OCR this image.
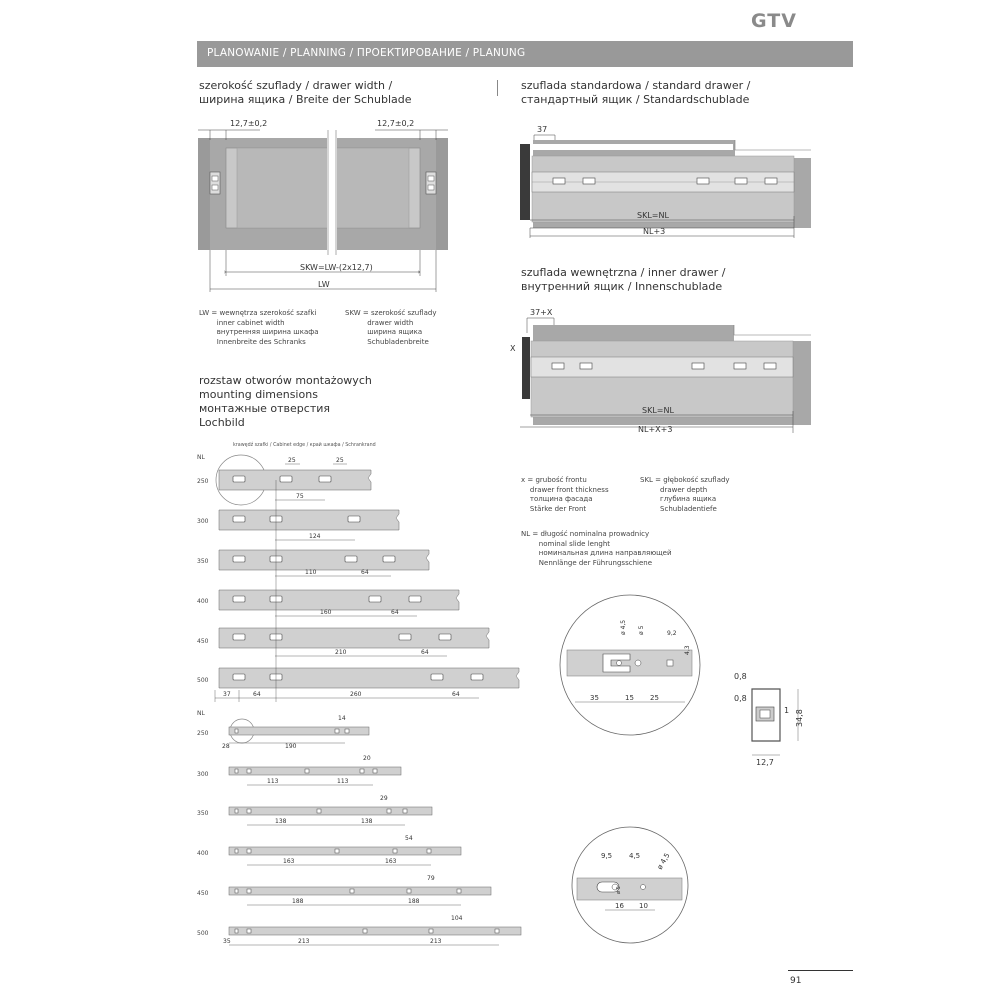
GTV
PLANOWANIE / PLANNING / ПРОЕКТИРОВАНИЕ / PLANUNG
szerokość szuflady / drawer width /
ширина ящика / Breite der Schublade
szuflada standardowa / standard drawer /
стандартный ящик / Standardschublade
szuflada wewnętrzna / inner drawer /
внутренний ящик / Innenschublade
LW = wewnętrza szerokość szafki
inner cabinet width
внутренняя ширина шкафа
Innenbreite des Schranks
SKW = szerokość szuflady
drawer width
ширина ящика
Schubladenbreite
x = grubość frontu
drawer front thickness
толщина фасада
Stärke der Front
SKL = głębokość szuflady
drawer depth
глубина ящика
Schubladentiefe
NL = długość nominalna prowadnicy
nominal slide lenght
номинальная длина направляющей
Nennlänge der Führungsschiene
rozstaw otworów montażowych
mounting dimensions
монтажные отверстия
Lochbild
12,7±0,2	12,7±0,2
SKW=LW-(2x12,7)
LW
37
SKL=NL
NL+3
37+X
X
SKL=NL
NL+X+3
krawędź szafki / Cabinet edge / край шкафа / Schrankrand
NL
250
25	25
75
300
124
350
110	64
400
160	64
450
210	64
500
37	64	260	64
NL
250
14
28	190
300
20
113	113
350
29
138	138
400
54
163	163
450
79
188	188
500
104
35	213	213
ø 4,5 ø 5	9,2
4,3
35	15 25
0,8
0,8
1 34,8
12,7
9,5 4,5 ø 4,5
ø 5
16 10
91
